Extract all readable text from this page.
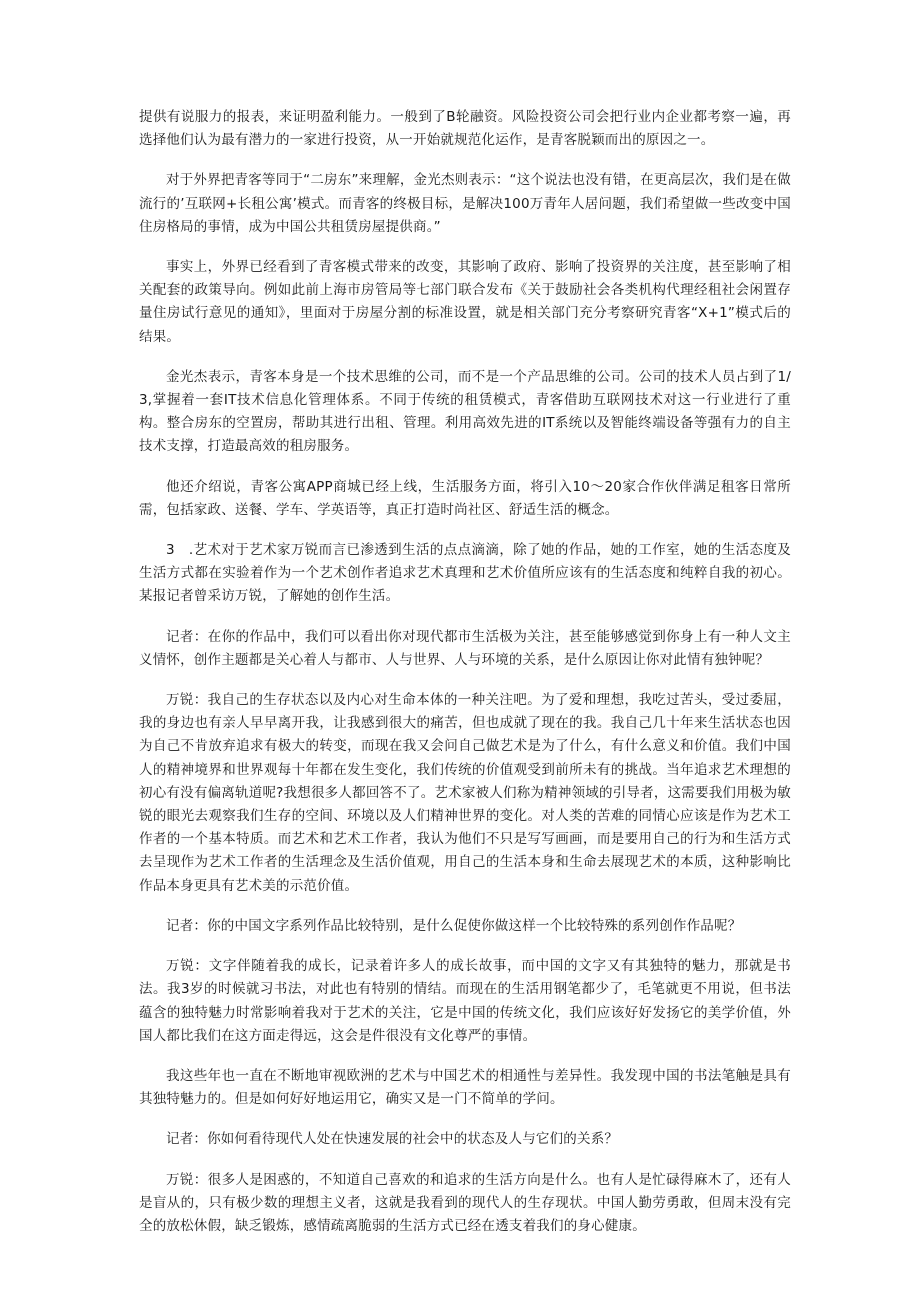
提供有说服力的报表，来证明盈利能力。一般到了B轮融资。风险投资公司会把行业内企业都考察一遍，再选择他们认为最有潜力的一家进行投资，从一开始就规范化运作，是青客脱颖而出的原因之一。

对于外界把青客等同于“二房东”来理解，金光杰则表示：“这个说法也没有错，在更高层次，我们是在做流行的’互联网+长租公寓’模式。而青客的终极目标，是解决100万青年人居问题，我们希望做一些改变中国住房格局的事情，成为中国公共租赁房屋提供商。”

事实上，外界已经看到了青客模式带来的改变，其影响了政府、影响了投资界的关注度，甚至影响了相关配套的政策导向。例如此前上海市房管局等七部门联合发布《关于鼓励社会各类机构代理经租社会闲置存量住房试行意见的通知》，里面对于房屋分割的标准设置，就是相关部门充分考察研究青客“X+1”模式后的结果。

金光杰表示，青客本身是一个技术思维的公司，而不是一个产品思维的公司。公司的技术人员占到了1/3,掌握着一套IT技术信息化管理体系。不同于传统的租赁模式，青客借助互联网技术对这一行业进行了重构。整合房东的空置房，帮助其进行出租、管理。利用高效先进的IT系统以及智能终端设备等强有力的自主技术支撑，打造最高效的租房服务。

他还介绍说，青客公寓APP商城已经上线，生活服务方面，将引入10〜20家合作伙伴满足租客日常所需，包括家政、送餐、学车、学英语等，真正打造时尚社区、舒适生活的概念。

3　.艺术对于艺术家万锐而言已渗透到生活的点点滴滴，除了她的作品，她的工作室，她的生活态度及生活方式都在实验着作为一个艺术创作者追求艺术真理和艺术价值所应该有的生活态度和纯粹自我的初心。某报记者曾采访万锐，了解她的创作生活。

记者：在你的作品中，我们可以看出你对现代都市生活极为关注，甚至能够感觉到你身上有一种人文主义情怀，创作主题都是关心着人与都市、人与世界、人与环境的关系，是什么原因让你对此情有独钟呢？

万锐：我自己的生存状态以及内心对生命本体的一种关注吧。为了爱和理想，我吃过苦头，受过委屈，我的身边也有亲人早早离开我，让我感到很大的痛苦，但也成就了现在的我。我自己几十年来生活状态也因为自己不肯放弃追求有极大的转变，而现在我又会问自己做艺术是为了什么，有什么意义和价值。我们中国人的精神境界和世界观每十年都在发生变化，我们传统的价值观受到前所未有的挑战。当年追求艺术理想的初心有没有偏离轨道呢?我想很多人都回答不了。艺术家被人们称为精神领域的引导者，这需要我们用极为敏锐的眼光去观察我们生存的空间、环境以及人们精神世界的变化。对人类的苦难的同情心应该是作为艺术工作者的一个基本特质。而艺术和艺术工作者，我认为他们不只是写写画画，而是要用自己的行为和生活方式去呈现作为艺术工作者的生活理念及生活价值观，用自己的生活本身和生命去展现艺术的本质，这种影响比作品本身更具有艺术美的示范价值。

记者：你的中国文字系列作品比较特别，是什么促使你做这样一个比较特殊的系列创作作品呢？

万锐：文字伴随着我的成长，记录着许多人的成长故事，而中国的文字又有其独特的魅力，那就是书法。我3岁的时候就习书法，对此也有特别的情结。而现在的生活用钢笔都少了，毛笔就更不用说，但书法蕴含的独特魅力时常影响着我对于艺术的关注，它是中国的传统文化，我们应该好好发扬它的美学价值，外国人都比我们在这方面走得远，这会是件很没有文化尊严的事情。

我这些年也一直在不断地审视欧洲的艺术与中国艺术的相通性与差异性。我发现中国的书法笔触是具有其独特魅力的。但是如何好好地运用它，确实又是一门不简单的学问。

记者：你如何看待现代人处在快速发展的社会中的状态及人与它们的关系？

万锐：很多人是困惑的，不知道自己喜欢的和追求的生活方向是什么。也有人是忙碌得麻木了，还有人是盲从的，只有极少数的理想主义者，这就是我看到的现代人的生存现状。中国人勤劳勇敢，但周末没有完全的放松休假，缺乏锻炼，感情疏离脆弱的生活方式已经在透支着我们的身心健康。
